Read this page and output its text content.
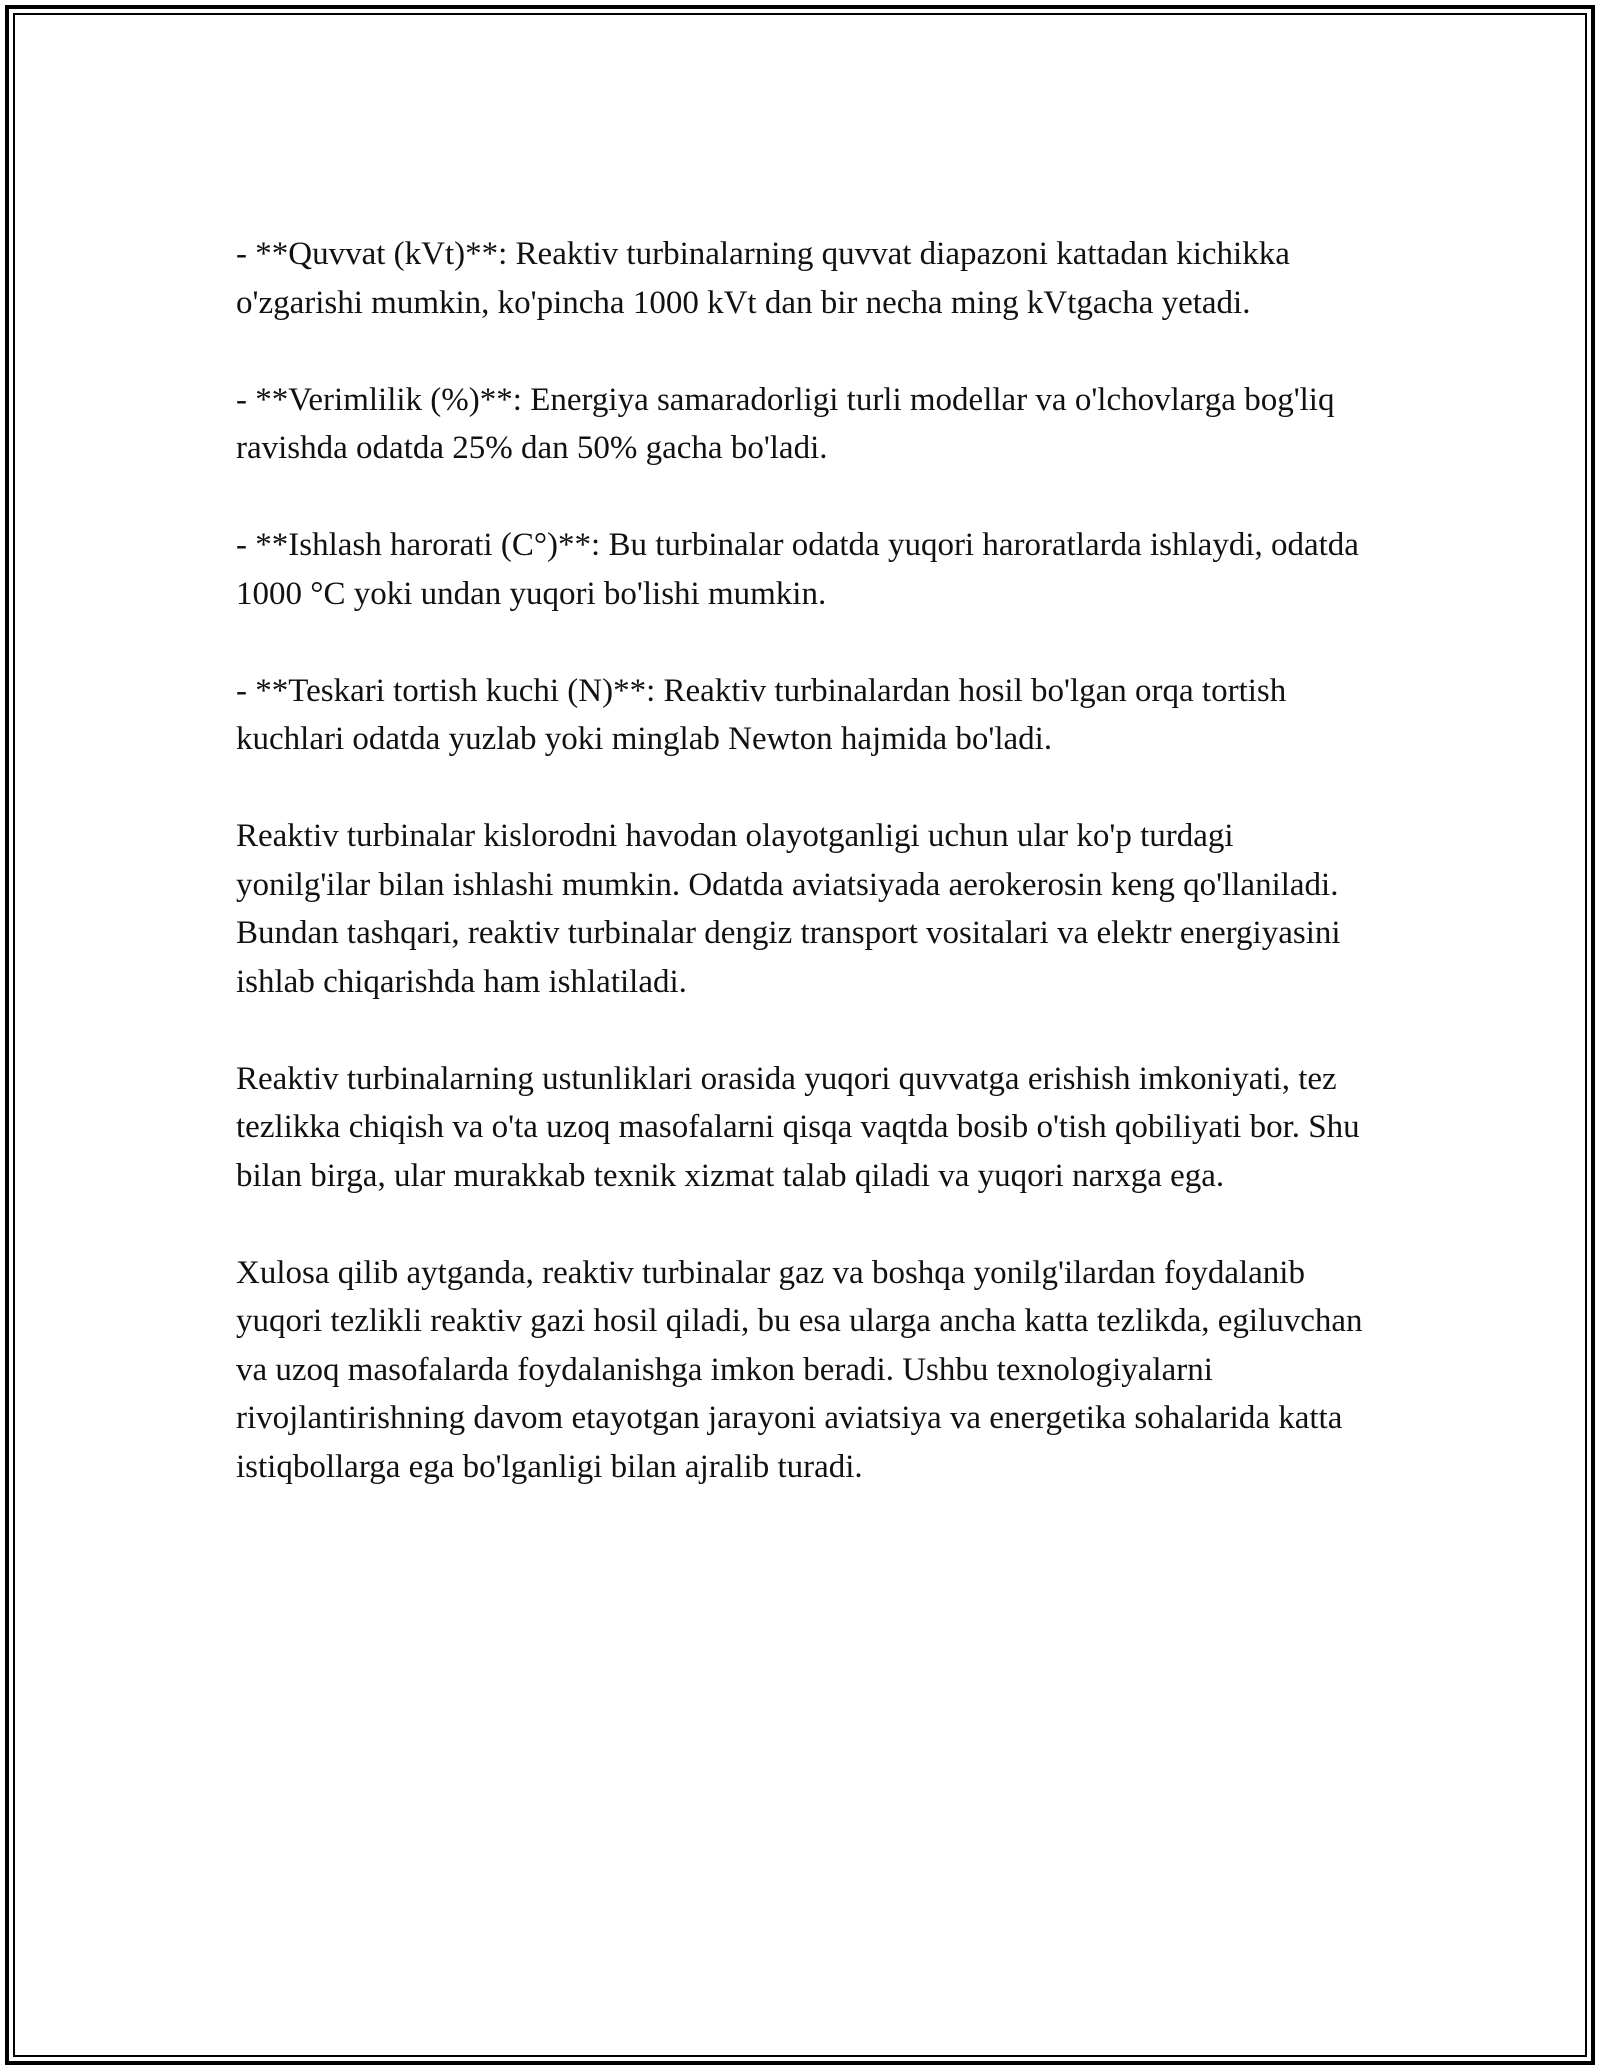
- **Quvvat (kVt)**: Reaktiv turbinalarning quvvat diapazoni kattadan kichikka o'zgarishi mumkin, ko'pincha 1000 kVt dan bir necha ming kVtgacha yetadi.

- **Verimlilik (%)**: Energiya samaradorligi turli modellar va o'lchovlarga bog'liq ravishda odatda 25% dan 50% gacha bo'ladi.

- **Ishlash harorati (C°)**: Bu turbinalar odatda yuqori haroratlarda ishlaydi, odatda 1000 °C yoki undan yuqori bo'lishi mumkin.

- **Teskari tortish kuchi (N)**: Reaktiv turbinalardan hosil bo'lgan orqa tortish kuchlari odatda yuzlab yoki minglab Newton hajmida bo'ladi.

Reaktiv turbinalar kislorodni havodan olayotganligi uchun ular ko'p turdagi yonilg'ilar bilan ishlashi mumkin. Odatda aviatsiyada aerokerosin keng qo'llaniladi. Bundan tashqari, reaktiv turbinalar dengiz transport vositalari va elektr energiyasini ishlab chiqarishda ham ishlatiladi.

Reaktiv turbinalarning ustunliklari orasida yuqori quvvatga erishish imkoniyati, tez tezlikka chiqish va o'ta uzoq masofalarni qisqa vaqtda bosib o'tish qobiliyati bor. Shu bilan birga, ular murakkab texnik xizmat talab qiladi va yuqori narxga ega.

Xulosa qilib aytganda, reaktiv turbinalar gaz va boshqa yonilg'ilardan foydalanib yuqori tezlikli reaktiv gazi hosil qiladi, bu esa ularga ancha katta tezlikda, egiluvchan va uzoq masofalarda foydalanishga imkon beradi. Ushbu texnologiyalarni rivojlantirishning davom etayotgan jarayoni aviatsiya va energetika sohalarida katta istiqbollarga ega bo'lganligi bilan ajralib turadi.
